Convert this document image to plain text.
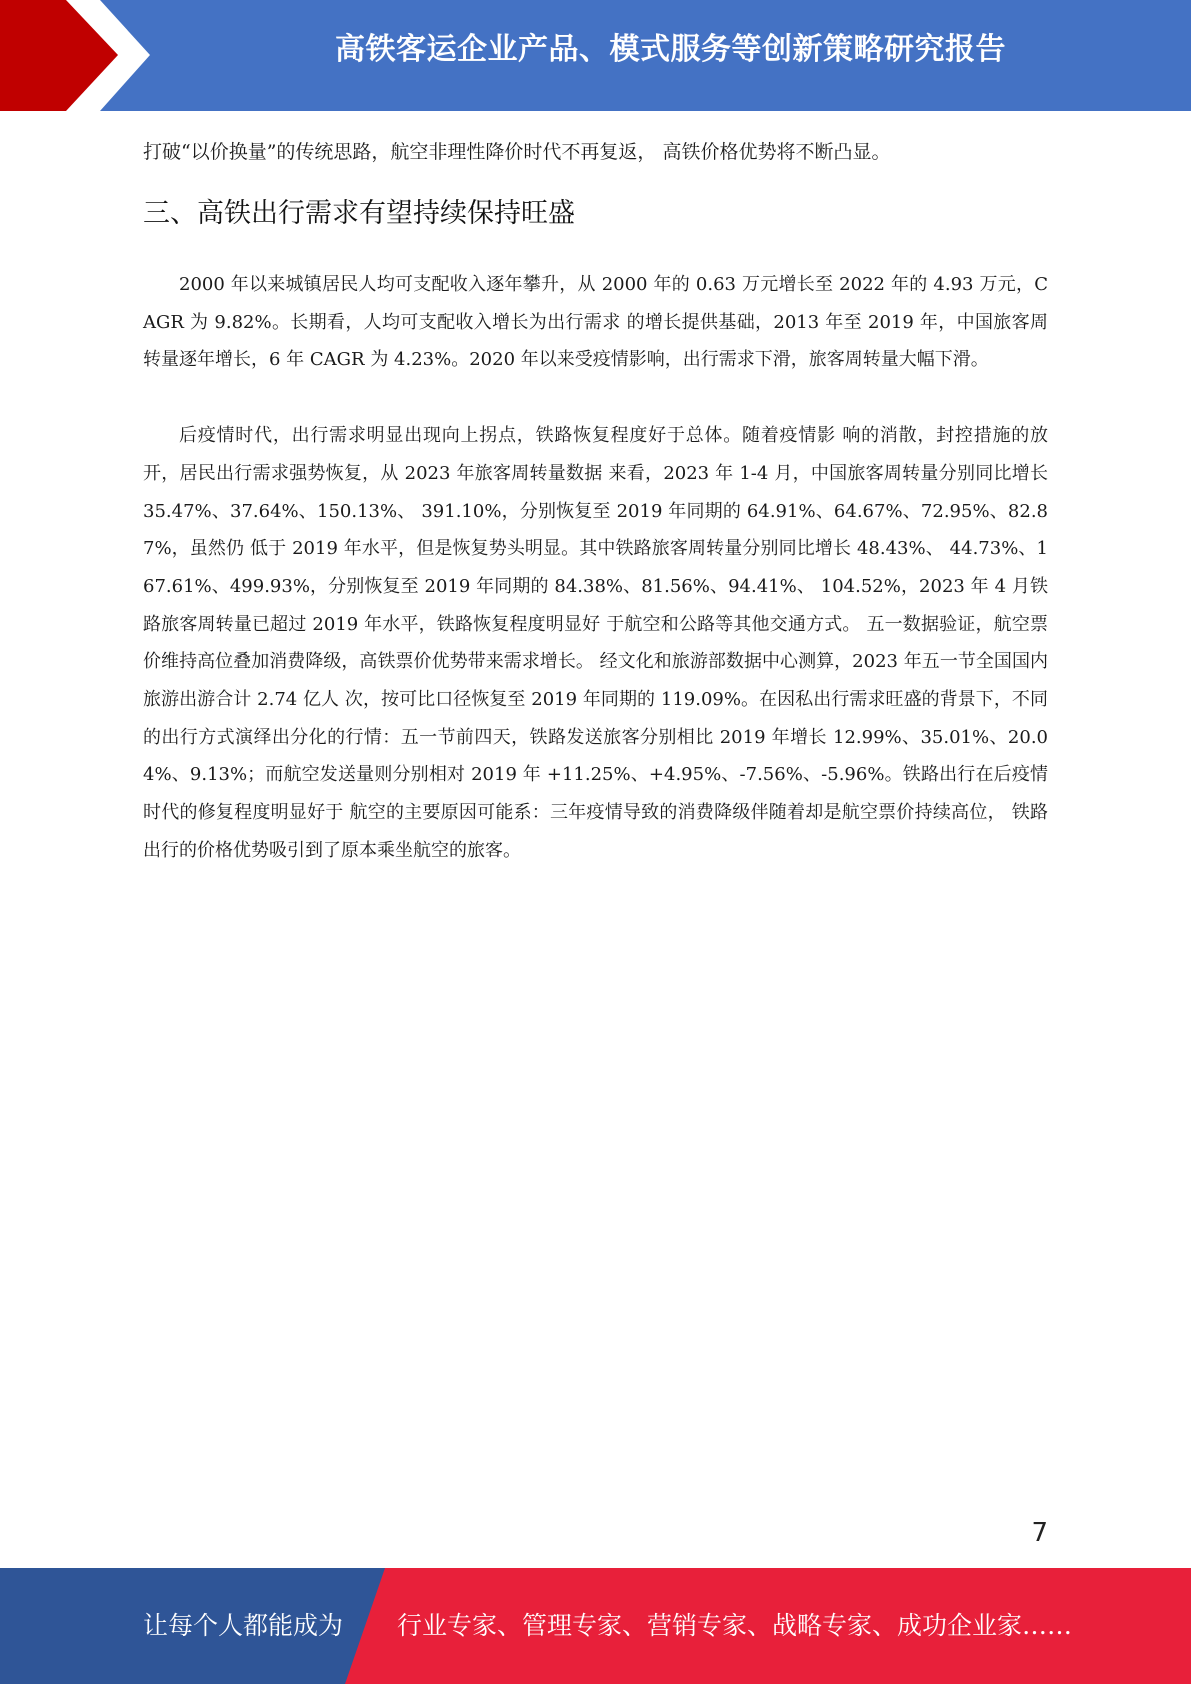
高铁客运企业产品、模式服务等创新策略研究报告

打破“以价换量”的传统思路，航空非理性降价时代不再复返， 高铁价格优势将不断凸显。

三、高铁出行需求有望持续保持旺盛

2000 年以来城镇居民人均可支配收入逐年攀升，从 2000 年的 0.63 万元增长至 2022 年的 4.93 万元，CAGR 为 9.82%。长期看，人均可支配收入增长为出行需求 的增长提供基础，2013 年至 2019 年，中国旅客周转量逐年增长，6 年 CAGR 为 4.23%。2020 年以来受疫情影响，出行需求下滑，旅客周转量大幅下滑。

后疫情时代，出行需求明显出现向上拐点，铁路恢复程度好于总体。随着疫情影 响的消散，封控措施的放开，居民出行需求强势恢复，从 2023 年旅客周转量数据 来看，2023 年 1-4 月，中国旅客周转量分别同比增长 35.47%、37.64%、150.13%、 391.10%，分别恢复至 2019 年同期的 64.91%、64.67%、72.95%、82.87%，虽然仍 低于 2019 年水平，但是恢复势头明显。其中铁路旅客周转量分别同比增长 48.43%、 44.73%、167.61%、499.93%，分别恢复至 2019 年同期的 84.38%、81.56%、94.41%、 104.52%，2023 年 4 月铁路旅客周转量已超过 2019 年水平，铁路恢复程度明显好 于航空和公路等其他交通方式。 五一数据验证，航空票价维持高位叠加消费降级，高铁票价优势带来需求增长。 经文化和旅游部数据中心测算，2023 年五一节全国国内旅游出游合计 2.74 亿人 次，按可比口径恢复至 2019 年同期的 119.09%。在因私出行需求旺盛的背景下，不同的出行方式演绎出分化的行情：五一节前四天，铁路发送旅客分别相比 2019 年增长 12.99%、35.01%、20.04%、9.13%；而航空发送量则分别相对 2019 年 +11.25%、+4.95%、-7.56%、-5.96%。铁路出行在后疫情时代的修复程度明显好于 航空的主要原因可能系：三年疫情导致的消费降级伴随着却是航空票价持续高位， 铁路出行的价格优势吸引到了原本乘坐航空的旅客。

7
让每个人都能成为 行业专家、管理专家、营销专家、战略专家、成功企业家……
